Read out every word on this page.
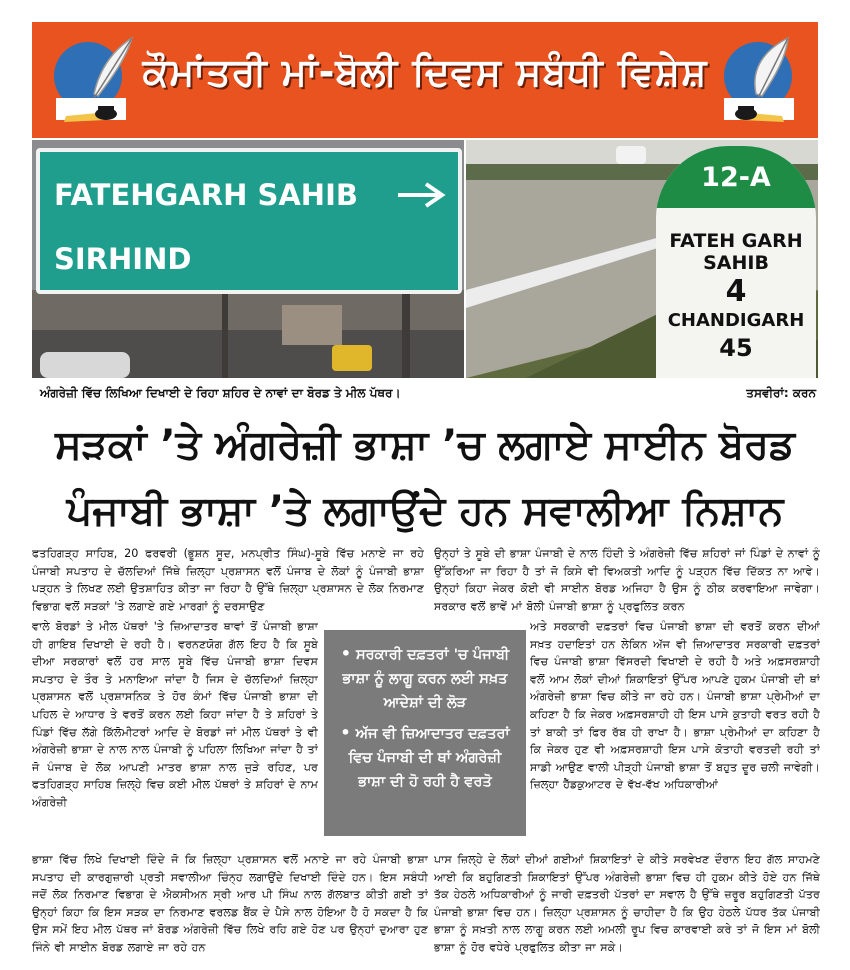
ਕੌਮਾਂਤਰੀ ਮਾਂ-ਬੋਲੀ ਦਿਵਸ ਸਬੰਧੀ ਵਿਸ਼ੇਸ਼
FATEHGARH SAHIB
SIRHIND
12-A
FATEH GARH
SAHIB
4
CHANDIGARH
45
ਅੰਗਰੇਜ਼ੀ ਵਿੱਚ ਲਿਖਿਆ ਦਿਖਾਈ ਦੇ ਰਿਹਾ ਸ਼ਹਿਰ ਦੇ ਨਾਵਾਂ ਦਾ ਬੋਰਡ ਤੇ ਮੀਲ ਪੱਥਰ।	ਤਸਵੀਰਾਂ: ਕਰਨ
ਸੜਕਾਂ ’ਤੇ ਅੰਗਰੇਜ਼ੀ ਭਾਸ਼ਾ ’ਚ ਲਗਾਏ ਸਾਈਨ ਬੋਰਡ
ਪੰਜਾਬੀ ਭਾਸ਼ਾ ’ਤੇ ਲਗਾਉਂਦੇ ਹਨ ਸਵਾਲੀਆ ਨਿਸ਼ਾਨ
ਫਤਹਿਗੜ੍ਹ ਸਾਹਿਬ, 20 ਫਰਵਰੀ (ਭੂਸ਼ਨ ਸੂਦ, ਮਨਪ੍ਰੀਤ ਸਿੰਘ)-ਸੂਬੇ ਵਿੱਚ ਮਨਾਏ ਜਾ ਰਹੇ ਪੰਜਾਬੀ ਸਪਤਾਹ ਦੇ ਚੱਲਦਿਆਂ ਜਿੱਥੇ ਜ਼ਿਲ੍ਹਾ ਪ੍ਰਸ਼ਾਸਨ ਵਲੋਂ ਪੰਜਾਬ ਦੇ ਲੋਕਾਂ ਨੂੰ ਪੰਜਾਬੀ ਭਾਸ਼ਾ ਪੜ੍ਹਨ ਤੇ ਲਿਖਣ ਲਈ ਉਤਸ਼ਾਹਿਤ ਕੀਤਾ ਜਾ ਰਿਹਾ ਹੈ ਉੱਥੇ ਜ਼ਿਲ੍ਹਾ ਪ੍ਰਸ਼ਾਸਨ ਦੇ ਲੋਕ ਨਿਰਮਾਣ ਵਿਭਾਗ ਵਲੋਂ ਸੜਕਾਂ 'ਤੇ ਲਗਾਏ ਗਏ ਮਾਰਗਾਂ ਨੂੰ ਦਰਸਾਉਣ
ਉਨ੍ਹਾਂ ਤੇ ਸੂਬੇ ਦੀ ਭਾਸ਼ਾ ਪੰਜਾਬੀ ਦੇ ਨਾਲ ਹਿੰਦੀ ਤੇ ਅੰਗਰੇਜ਼ੀ ਵਿੱਚ ਸ਼ਹਿਰਾਂ ਜਾਂ ਪਿੰਡਾਂ ਦੇ ਨਾਵਾਂ ਨੂੰ ਉੱਕਰਿਆ ਜਾ ਰਿਹਾ ਹੈ ਤਾਂ ਜੋ ਕਿਸੇ ਵੀ ਵਿਅਕਤੀ ਆਦਿ ਨੂੰ ਪੜ੍ਹਨ ਵਿੱਚ ਦਿੱਕਤ ਨਾ ਆਵੇ। ਉਨ੍ਹਾਂ ਕਿਹਾ ਜੇਕਰ ਕੋਈ ਵੀ ਸਾਈਨ ਬੋਰਡ ਅਜਿਹਾ ਹੈ ਉਸ ਨੂੰ ਠੀਕ ਕਰਵਾਇਆ ਜਾਵੇਗਾ। ਸਰਕਾਰ ਵਲੋਂ ਭਾਵੇਂ ਮਾਂ ਬੋਲੀ ਪੰਜਾਬੀ ਭਾਸ਼ਾ ਨੂੰ ਪ੍ਰਫੁਲਿਤ ਕਰਨ
ਵਾਲੇ ਬੋਰਡਾਂ ਤੇ ਮੀਲ ਪੱਥਰਾਂ 'ਤੇ ਜ਼ਿਆਦਾਤਰ ਥਾਵਾਂ ਤੋਂ ਪੰਜਾਬੀ ਭਾਸ਼ਾ ਹੀ ਗਾਇਬ ਦਿਖਾਈ ਦੇ ਰਹੀ ਹੈ। ਵਰਨਣਯੋਗ ਗੱਲ ਇਹ ਹੈ ਕਿ ਸੂਬੇ ਦੀਆ ਸਰਕਾਰਾਂ ਵਲੋਂ ਹਰ ਸਾਲ ਸੂਬੇ ਵਿੱਚ ਪੰਜਾਬੀ ਭਾਸ਼ਾ ਦਿਵਸ ਸਪਤਾਹ ਦੇ ਤੌਰ ਤੇ ਮਨਾਇਆ ਜਾਂਦਾ ਹੈ ਜਿਸ ਦੇ ਚੱਲਦਿਆਂ ਜ਼ਿਲ੍ਹਾ ਪ੍ਰਸ਼ਾਸਨ ਵਲੋਂ ਪ੍ਰਸ਼ਾਸਨਿਕ ਤੇ ਹੋਰ ਕੰਮਾਂ ਵਿੱਚ ਪੰਜਾਬੀ ਭਾਸ਼ਾ ਦੀ ਪਹਿਲ ਦੇ ਆਧਾਰ ਤੇ ਵਰਤੋਂ ਕਰਨ ਲਈ ਕਿਹਾ ਜਾਂਦਾ ਹੈ ਤੇ ਸ਼ਹਿਰਾਂ ਤੇ ਪਿੰਡਾਂ ਵਿੱਚ ਲੱਗੇ ਕਿੱਲੋਮੀਟਰਾਂ ਆਦਿ ਦੇ ਬੋਰਡਾਂ ਜਾਂ ਮੀਲ ਪੱਥਰਾਂ ਤੇ ਵੀ ਅੰਗਰੇਜ਼ੀ ਭਾਸ਼ਾ ਦੇ ਨਾਲ ਨਾਲ ਪੰਜਾਬੀ ਨੂੰ ਪਹਿਲਾ ਲਿਖਿਆ ਜਾਂਦਾ ਹੈ ਤਾਂ ਜੋ ਪੰਜਾਬ ਦੇ ਲੋਕ ਆਪਣੀ ਮਾਤਰ ਭਾਸ਼ਾ ਨਾਲ ਜੁੜੇ ਰਹਿਣ, ਪਰ ਫਤਹਿਗੜ੍ਹ ਸਾਹਿਬ ਜ਼ਿਲ੍ਹੇ ਵਿਚ ਕਈ ਮੀਲ ਪੱਥਰਾਂ ਤੇ ਸ਼ਹਿਰਾਂ ਦੇ ਨਾਮ ਅੰਗਰੇਜ਼ੀ
ਅਤੇ ਸਰਕਾਰੀ ਦਫ਼ਤਰਾਂ ਵਿਚ ਪੰਜਾਬੀ ਭਾਸ਼ਾ ਦੀ ਵਰਤੋਂ ਕਰਨ ਦੀਆਂ ਸਖ਼ਤ ਹਦਾਇਤਾਂ ਹਨ ਲੇਕਿਨ ਅੱਜ ਵੀ ਜ਼ਿਆਦਾਤਰ ਸਰਕਾਰੀ ਦਫ਼ਤਰਾਂ ਵਿਚ ਪੰਜਾਬੀ ਭਾਸ਼ਾ ਵਿੱਸਰਦੀ ਵਿਖਾਈ ਦੇ ਰਹੀ ਹੈ ਅਤੇ ਅਫ਼ਸਰਸ਼ਾਹੀ ਵਲੋਂ ਆਮ ਲੋਕਾਂ ਦੀਆਂ ਸ਼ਿਕਾਇਤਾਂ ਉੱਪਰ ਆਪਣੇ ਹੁਕਮ ਪੰਜਾਬੀ ਦੀ ਥਾਂ ਅੰਗਰੇਜ਼ੀ ਭਾਸ਼ਾ ਵਿਚ ਕੀਤੇ ਜਾ ਰਹੇ ਹਨ। ਪੰਜਾਬੀ ਭਾਸ਼ਾ ਪ੍ਰੇਮੀਆਂ ਦਾ ਕਹਿਣਾ ਹੈ ਕਿ ਜੇਕਰ ਅਫ਼ਸਰਸ਼ਾਹੀ ਹੀ ਇਸ ਪਾਸੇ ਕੁਤਾਹੀ ਵਰਤ ਰਹੀ ਹੈ ਤਾਂ ਬਾਕੀ ਤਾਂ ਫਿਰ ਰੱਬ ਹੀ ਰਾਖਾ ਹੈ। ਭਾਸ਼ਾ ਪ੍ਰੇਮੀਆਂ ਦਾ ਕਹਿਣਾ ਹੈ ਕਿ ਜੇਕਰ ਹੁਣ ਵੀ ਅਫ਼ਸਰਸ਼ਾਹੀ ਇਸ ਪਾਸੇ ਕੋਤਾਹੀ ਵਰਤਦੀ ਰਹੀ ਤਾਂ ਸਾਡੀ ਆਉਣ ਵਾਲੀ ਪੀੜ੍ਹੀ ਪੰਜਾਬੀ ਭਾਸ਼ਾ ਤੋਂ ਬਹੁਤ ਦੂਰ ਚਲੀ ਜਾਵੇਗੀ। ਜ਼ਿਲ੍ਹਾ ਹੈੱਡਕੁਆਟਰ ਦੇ ਵੱਖ-ਵੱਖ ਅਧਿਕਾਰੀਆਂ
ਭਾਸ਼ਾ ਵਿੱਚ ਲਿਖੇ ਦਿਖਾਈ ਦਿੰਦੇ ਜੋ ਕਿ ਜ਼ਿਲ੍ਹਾ ਪ੍ਰਸ਼ਾਸਨ ਵਲੋਂ ਮਨਾਏ ਜਾ ਰਹੇ ਪੰਜਾਬੀ ਭਾਸ਼ਾ ਸਪਤਾਹ ਦੀ ਕਾਰਗੁਜ਼ਾਰੀ ਪ੍ਰਤੀ ਸਵਾਲੀਆ ਚਿੰਨ੍ਹ ਲਗਾਉਂਦੇ ਦਿਖਾਈ ਦਿੰਦੇ ਹਨ। ਇਸ ਸਬੰਧੀ ਜਦੋਂ ਲੋਕ ਨਿਰਮਾਣ ਵਿਭਾਗ ਦੇ ਐਕਸੀਅਨ ਸ੍ਰੀ ਆਰ ਪੀ ਸਿੰਘ ਨਾਲ ਗੱਲਬਾਤ ਕੀਤੀ ਗਈ ਤਾਂ ਉਨ੍ਹਾਂ ਕਿਹਾ ਕਿ ਇਸ ਸੜਕ ਦਾ ਨਿਰਮਾਣ ਵਰਲਡ ਬੈਂਕ ਦੇ ਪੈਸੇ ਨਾਲ ਹੋਇਆ ਹੈ ਹੋ ਸਕਦਾ ਹੈ ਕਿ ਉਸ ਸਮੇਂ ਇਹ ਮੀਲ ਪੱਥਰ ਜਾਂ ਬੋਰਡ ਅੰਗਰੇਜ਼ੀ ਵਿੱਚ ਲਿਖੇ ਰਹਿ ਗਏ ਹੋਣ ਪਰ ਉਨ੍ਹਾਂ ਦੁਆਰਾ ਹੁਣ ਜਿੰਨੇ ਵੀ ਸਾਈਨ ਬੋਰਡ ਲਗਾਏ ਜਾ ਰਹੇ ਹਨ
ਪਾਸ ਜ਼ਿਲ੍ਹੇ ਦੇ ਲੋਕਾਂ ਦੀਆਂ ਗਈਆਂ ਸ਼ਿਕਾਇਤਾਂ ਦੇ ਕੀਤੇ ਸਰਵੇਖਣ ਦੌਰਾਨ ਇਹ ਗੱਲ ਸਾਹਮਣੇ ਆਈ ਕਿ ਬਹੁਗਿਣਤੀ ਸ਼ਿਕਾਇਤਾਂ ਉੱਪਰ ਅੰਗਰੇਜ਼ੀ ਭਾਸ਼ਾ ਵਿਚ ਹੀ ਹੁਕਮ ਕੀਤੇ ਹੋਏ ਹਨ ਜਿੱਥੇ ਤੱਕ ਹੇਠਲੇ ਅਧਿਕਾਰੀਆਂ ਨੂੰ ਜਾਰੀ ਦਫ਼ਤਰੀ ਪੱਤਰਾਂ ਦਾ ਸਵਾਲ ਹੈ ਉੱਥੇ ਜ਼ਰੂਰ ਬਹੁਗਿਣਤੀ ਪੱਤਰ ਪੰਜਾਬੀ ਭਾਸ਼ਾ ਵਿਚ ਹਨ। ਜ਼ਿਲ੍ਹਾ ਪ੍ਰਸ਼ਾਸਨ ਨੂੰ ਚਾਹੀਦਾ ਹੈ ਕਿ ਉਹ ਹੇਠਲੇ ਪੱਧਰ ਤੱਕ ਪੰਜਾਬੀ ਭਾਸ਼ਾ ਨੂੰ ਸਖ਼ਤੀ ਨਾਲ ਲਾਗੂ ਕਰਨ ਲਈ ਅਮਲੀ ਰੂਪ ਵਿਚ ਕਾਰਵਾਈ ਕਰੇ ਤਾਂ ਜੋ ਇਸ ਮਾਂ ਬੋਲੀ ਭਾਸ਼ਾ ਨੂੰ ਹੋਰ ਵਧੇਰੇ ਪ੍ਰਫੁਲਿਤ ਕੀਤਾ ਜਾ ਸਕੇ।
• ਸਰਕਾਰੀ ਦਫ਼ਤਰਾਂ 'ਚ ਪੰਜਾਬੀ ਭਾਸ਼ਾ ਨੂੰ ਲਾਗੂ ਕਰਨ ਲਈ ਸਖ਼ਤ ਆਦੇਸ਼ਾਂ ਦੀ ਲੋੜ
• ਅੱਜ ਵੀ ਜ਼ਿਆਦਾਤਰ ਦਫ਼ਤਰਾਂ ਵਿਚ ਪੰਜਾਬੀ ਦੀ ਥਾਂ ਅੰਗਰੇਜ਼ੀ ਭਾਸ਼ਾ ਦੀ ਹੋ ਰਹੀ ਹੈ ਵਰਤੋ
